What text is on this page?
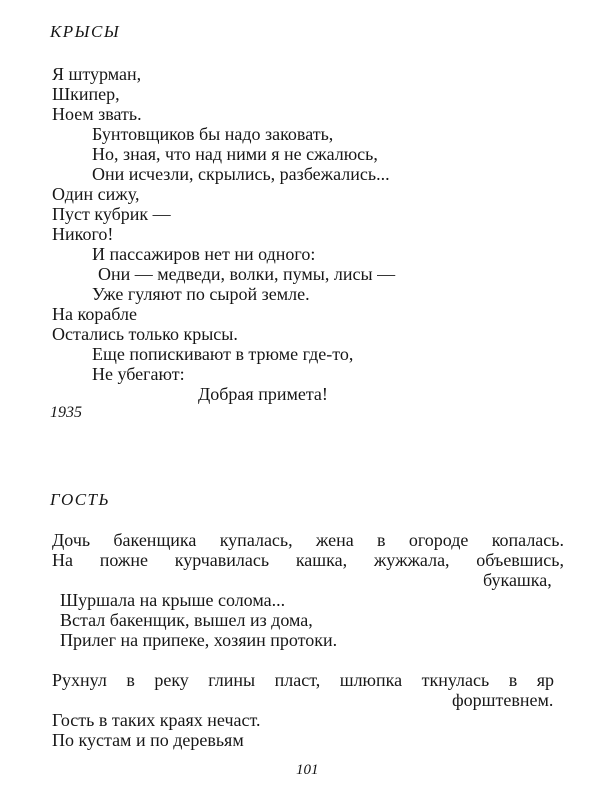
КРЫСЫ
Я штурман,
Шкипер,
Ноем звать.
Бунтовщиков бы надо заковать,
Но, зная, что над ними я не сжалюсь,
Они исчезли, скрылись, разбежались...
Один сижу,
Пуст кубрик —
Никого!
И пассажиров нет ни одного:
Они — медведи, волки, пумы, лисы —
Уже гуляют по сырой земле.
На корабле
Остались только крысы.
Еще попискивают в трюме где-то,
Не убегают:
Добрая примета!
1935
ГОСТЬ
Дочь бакенщика купалась, жена в огороде копалась.
На пожне курчавилась кашка, жужжала, объевшись,
букашка,
Шуршала на крыше солома...
Встал бакенщик, вышел из дома,
Прилег на припеке, хозяин протоки.
Рухнул в реку глины пласт, шлюпка ткнулась в яр
форштевнем.
Гость в таких краях нечаст.
По кустам и по деревьям
101
